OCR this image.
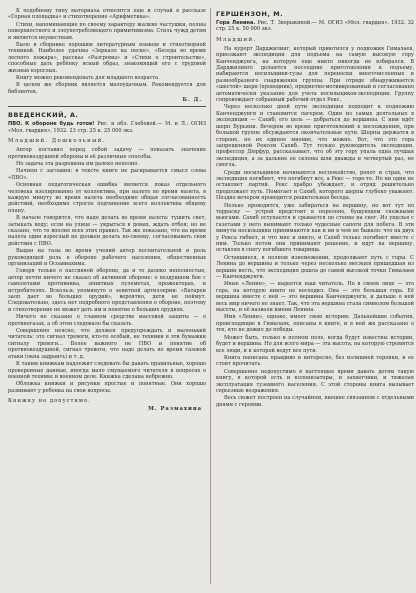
К подобному типу материала относится еще и случай в рассказе «Горная площадка» и стихотворение «Арифметика».

Стихи, напоминающие по своему характеру жалкие частушки, полны поверхностного и злоупотребляющего примитивизма. Стиль чужд детям и является неуместным.

Было в сборнике хорошим литературным языком и стихотворной техникой. Наиболее удачны «Зеркало на песке», «Беседа во время лесного пожара», рассказ «Разгромы» и «Стихи о строительстве», способные дать ребёнку ясный образ, знакомящий его с трудовой жизнью взрослых.

Книгу можно рекомендовать для младшего возраста.

В целом же сборник является малоудачным. Рекомендуется для библиотек.

Б. Д.
ВВЕДЕНСКИЙ, А.
ПВО. К обороне будь готов! Рис. и обл. Глебовой.— М. и Л.: ОГИЗ «Мол. гвардия», 1932. 23 стр. 25 к. 25 000 экз.
Младший. Дошкольный.

Автор поставил перед собой задачу — показать значение противовоздушной обороны и её различные способы.

Но задача эта разрешена им далеко неполно.

Начнем с заглавия: в тексте книге не раскрывается смысл слова «ПВО».

Основная педагогическая ошибка является показ отдельного человека изолированно от коллектива, при налете во время налета, в каждую минуту во время налета необходимо общая согласованность действий, необходимо строгое подчинение всего коллектива общему плану.

В начале говорится, что надо делать во время налета: тушить свет, затыкать воду; если на улице — укрыться в домах, ждать отбоя; но не сказано, что то вполне всех этих правил. Так же показано, что на время налета один взрослый не должен делать по-своему, согласовывать свои действия с ПВО.

Выдан на газы во время учений автор воспитательной и роль руководящей роль в обороне рабочего населения, общественных организаций и Осоавиахима.

Говоря только о пассивной обороне, да и то далеко неполностью, автор почти ничего не сказал об активной обороне: о воздушном бое с самолетами противника, зенитных пулеметах, прожекторах, и истребителях. Вскользь упомянуто о зенитной артиллерии: «Батареи залп дает во больших орудий», вероятно, дети не поймут. Следовательно, здесь нет подробного представления о обороне, поэтому и стихотворение не может дать им и понятие о больших орудиях.

Ничего не сказано о главном средстве массовой защиты — о противогазах, а об этом следовало бы сказать.

Совершенно неясно, что должен предупреждать и маленький читатель: это сигнал тревоги, кто-то особый, не техники в эти бумажки сигналу тревоги... Более важного не ПВО и понятие об противовоздушной, сигнал тревоги, что надо делать во время газовой атаки (окна задраить) и т. д.

К таким книжкам надлежит следовать бы давать правильные, хорошо проверенные данные, иногда мало смущаемого читателя в вопросах о военной технике и военном деле. Книжка сделана небрежно.

Обложка книжки и рисунки простые и понятные. Они хорошо развивают у ребенка на свои вопросы.

Книжку не допустимо.
М. Размахина
ГЕРШЕНЗОН, М.
Гора Ленина. Рис. Т. Зворыкиной.— М. ОГИЗ «Мол. гвардия». 1932. 32 стр. 25 к. 50 000 экз.
Младший.

На курорт Дарджилинг, который приютился у подножия Гималаев, приезжают экспедиции для подъема на самую высокую гору Канченджунга, на которую еще никто никогда не взбирался. В Дарджилинге делаются последние приготовления к подъему, набираются носильщики-тузы для переноски многочисленных и разнообразного снаряжения группы. При отряде обнаруживается «шестой» шерп (проводник), предметно-мотивированный и согласованно автоматически указание для учета носильщиков-экспедиции. Группу сопровождает собранный рабочий отдел Рекс.

Через несколько дней пути экспедиция подходит к подножию Канченджунги и становится лагерем. Один из самых деятельных в экспедиции — Сахиб; его цель — добраться до вершины. С ним идёт шерп Бурьяни. Вечером во время приготовлений к восхождению, при большой группе обсуждаются окончательные пути. Шерпы держатся в стороне, но их единое мнение, что можно. Вот, что это гора запрещенной Рексом Сахиб. Тут только руководитель экспедиции, профессор Дюрфур, рассказывает, что об эту гору упала одна лучшая экспедиция, а за дальние ее склоны шли дважды и четвертый раз, не смогла.

Среди носильщиков начинаются неспокойство, ропот и страх, что экспедиция погибнет, что погибнут все, а Рекс — горе-то. Но ни один не оставляет партий. Рекс храбро убеждает, и отряд решительно продолжает путь. Помогает и Сахиб, которого шерпы глубоко уважают. Поздно вечером проводится решительная беседа.

Нолько проводится, уже забираться на вершину, но вот тут по терраску — устрой предстоит в поролоне, бушующем снежными вьюгами. Сахиб оступается и срывается по стенке на снег. Из ущелья с газетами у него вынимают только чудесные сапоги для побега. В эти минуты носильщики принимаются как и ни в чем не бывало: что на двух у Рекса гибнет, и что мне и никто, и Сахиб только погибнет вместе с ним. Только потом они принимают решение, и идут на вершину, оставляя в снегу погибшего товарища.

Оставшиеся, в полном изнеможении, продолжают путь с горы. С Ленина до вершины и только через несколько месяцев пришедшая из вершин весть, что экспедиция дошла до самой высокой точки Гималаев — Канченджунги.

Иные «Ленин», — надеется наш читатель. Но в своем лице — это гора, на которую никто не восходил. Она — это большая гора. Её вершина вместе с ней — это вершина Канченджунги, и дальше о ней весь мир ничего не знает. Так, что эта вершина стала символом большой высоты, и её назвали имени Ленина.

Имя «Ленин», однако, имеет свою историю. Дальнейшие события, происходящие в Гималаях, описаны в книге, и в ней же рассказано о тех, кто не дожил до победы.

Может быть, только в полном поле, когда будут известны истории, будет и вершина. Но для всего мира — эта высота, на которую стремятся все люди, и к которой ведут все пути.

Книга написана правдиво и интересно, без излишней героики, и ее стоит прочитать.

Совершенно недопустимо в настоящее время давать детям такую книгу, в которой есть и колонизаторы, и захватчики, и тяжелая эксплуатация туземного населения. С этой стороны книга вызывает серьезные возражения.

Весь сюжет построен на случайном, внешне связанном с отдельными днями с героями.
